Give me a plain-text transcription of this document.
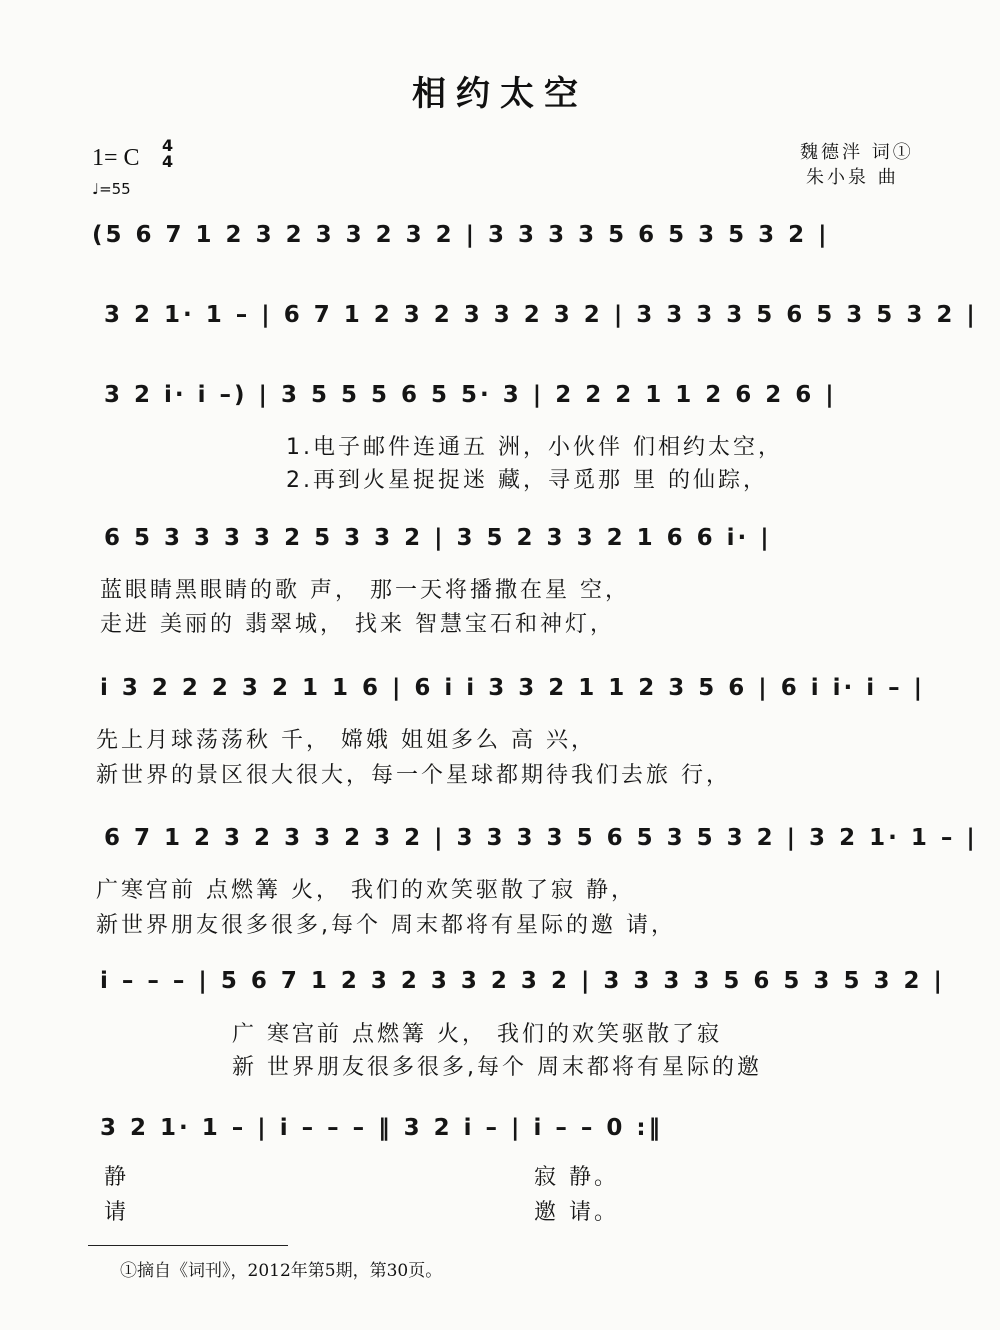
相约太空
1= C 4
4
♩=55
魏德泮 词①
朱小泉 曲
(5 6 7 1 2 3 2 3 3 2 3 2 | 3 3 3 3 5 6 5 3 5 3 2 |
3 2 1· 1 – | 6 7 1 2 3 2 3 3 2 3 2 | 3 3 3 3 5 6 5 3 5 3 2 |
3 2 i· i –) | 3 5 5 5 6 5 5· 3 | 2 2 2 1 1 2 6 2 6 |
1.电子邮件连通五 洲，小伙伴 们相约太空，
2.再到火星捉捉迷 藏，寻觅那 里 的仙踪，
6 5 3 3 3 3 2 5 3 3 2 | 3 5 2 3 3 2 1 6 6 i· |
蓝眼睛黑眼睛的歌 声， 那一天将播撒在星 空，
走进 美丽的 翡翠城， 找来 智慧宝石和神灯，
i 3 2 2 2 3 2 1 1 6 | 6 i i 3 3 2 1 1 2 3 5 6 | 6 i i· i – |
先上月球荡荡秋 千， 嫦娥 姐姐多么 高 兴，
新世界的景区很大很大，每一个星球都期待我们去旅 行，
6 7 1 2 3 2 3 3 2 3 2 | 3 3 3 3 5 6 5 3 5 3 2 | 3 2 1· 1 – |
广寒宫前 点燃篝 火， 我们的欢笑驱散了寂 静，
新世界朋友很多很多,每个 周末都将有星际的邀 请，
i – – – | 5 6 7 1 2 3 2 3 3 2 3 2 | 3 3 3 3 5 6 5 3 5 3 2 |
广 寒宫前 点燃篝 火， 我们的欢笑驱散了寂
新 世界朋友很多很多,每个 周末都将有星际的邀
3 2 1· 1 – | i – – – ‖ 3 2 i – | i – – 0 :‖
静	寂 静。
请	邀 请。
①摘自《词刊》，2012年第5期，第30页。
